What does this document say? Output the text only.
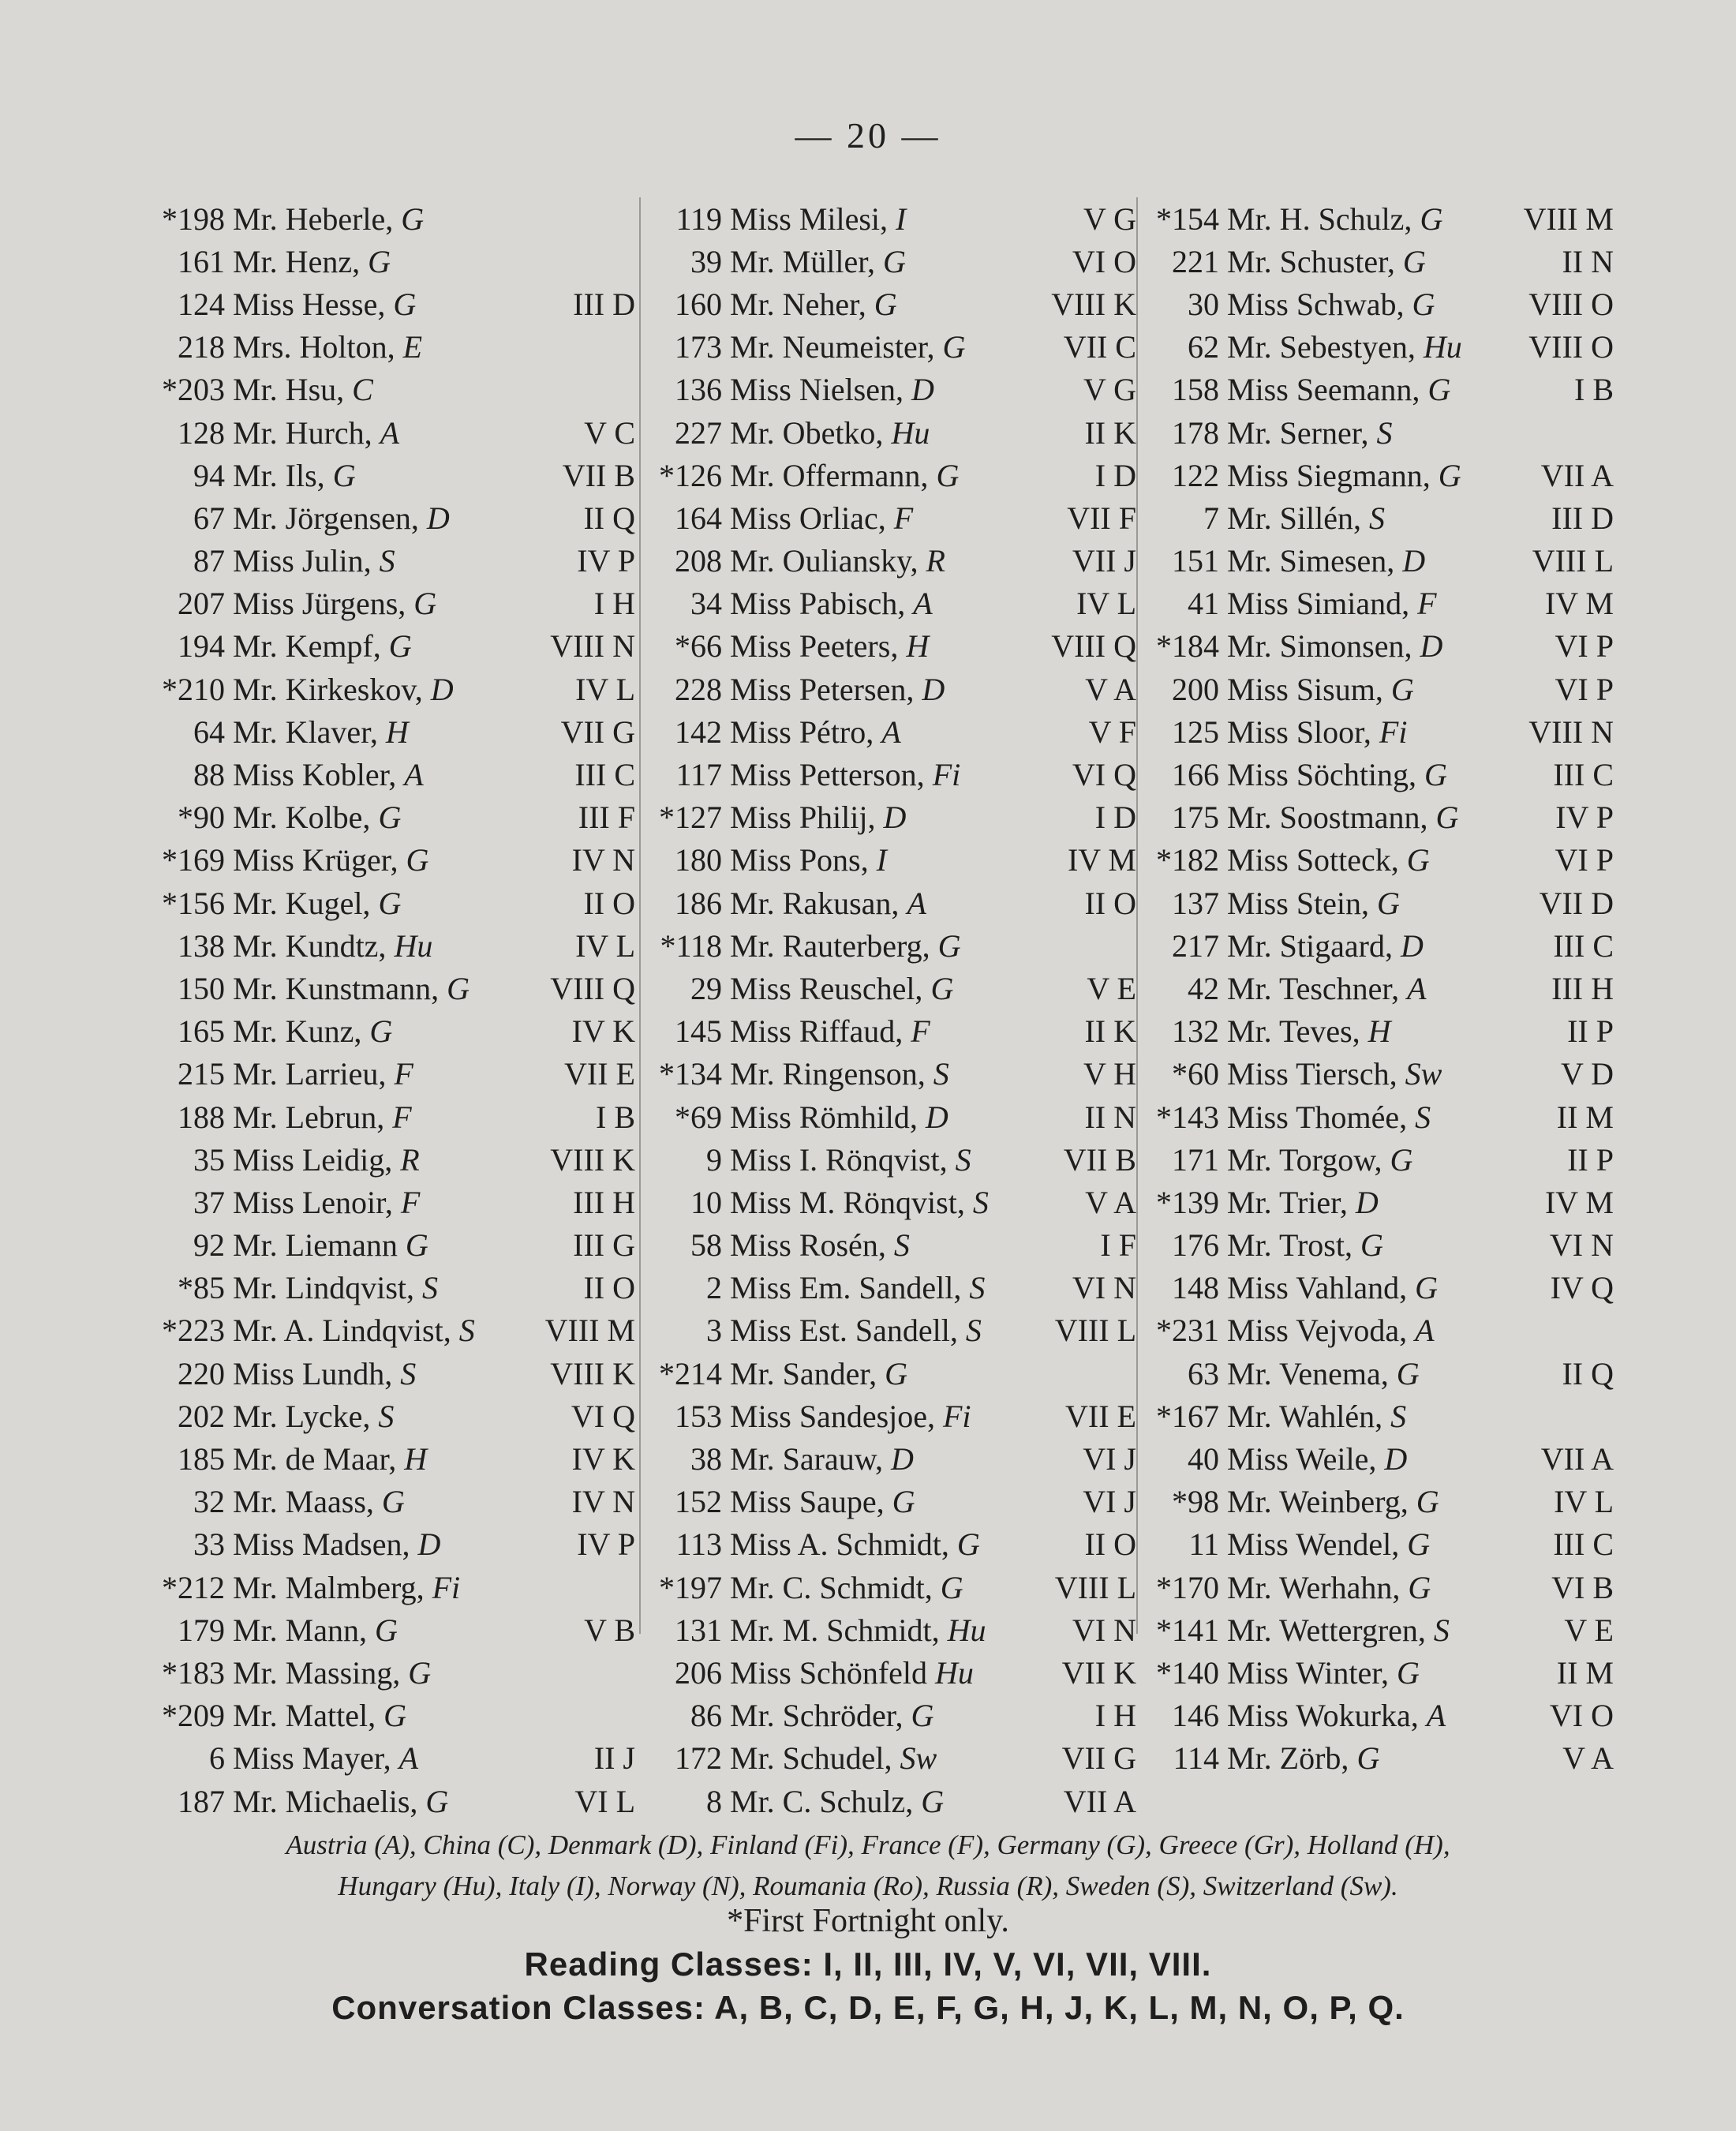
— 20 —
*198 Mr. Heberle, G
161 Mr. Henz, G
124 Miss Hesse, G	III D
218 Mrs. Holton, E
*203 Mr. Hsu, C
128 Mr. Hurch, A	V C
94 Mr. Ils, G	VII B
67 Mr. Jörgensen, D	II Q
87 Miss Julin, S	IV P
207 Miss Jürgens, G	I H
194 Mr. Kempf, G	VIII N
*210 Mr. Kirkeskov, D	IV L
64 Mr. Klaver, H	VII G
88 Miss Kobler, A	III C
*90 Mr. Kolbe, G	III F
*169 Miss Krüger, G	IV N
*156 Mr. Kugel, G	II O
138 Mr. Kundtz, Hu	IV L
150 Mr. Kunstmann, G	VIII Q
165 Mr. Kunz, G	IV K
215 Mr. Larrieu, F	VII E
188 Mr. Lebrun, F	I B
35 Miss Leidig, R	VIII K
37 Miss Lenoir, F	III H
92 Mr. Liemann G	III G
*85 Mr. Lindqvist, S	II O
*223 Mr. A. Lindqvist, S	VIII M
220 Miss Lundh, S	VIII K
202 Mr. Lycke, S	VI Q
185 Mr. de Maar, H	IV K
32 Mr. Maass, G	IV N
33 Miss Madsen, D	IV P
*212 Mr. Malmberg, Fi
179 Mr. Mann, G	V B
*183 Mr. Massing, G
*209 Mr. Mattel, G
6 Miss Mayer, A	II J
187 Mr. Michaelis, G	VI L
119 Miss Milesi, I	V G
39 Mr. Müller, G	VI O
160 Mr. Neher, G	VIII K
173 Mr. Neumeister, G	VII C
136 Miss Nielsen, D	V G
227 Mr. Obetko, Hu	II K
*126 Mr. Offermann, G	I D
164 Miss Orliac, F	VII F
208 Mr. Ouliansky, R	VII J
34 Miss Pabisch, A	IV L
*66 Miss Peeters, H	VIII Q
228 Miss Petersen, D	V A
142 Miss Pétro, A	V F
117 Miss Petterson, Fi	VI Q
*127 Miss Philij, D	I D
180 Miss Pons, I	IV M
186 Mr. Rakusan, A	II O
*118 Mr. Rauterberg, G
29 Miss Reuschel, G	V E
145 Miss Riffaud, F	II K
*134 Mr. Ringenson, S	V H
*69 Miss Römhild, D	II N
9 Miss I. Rönqvist, S	VII B
10 Miss M. Rönqvist, S	V A
58 Miss Rosén, S	I F
2 Miss Em. Sandell, S	VI N
3 Miss Est. Sandell, S	VIII L
*214 Mr. Sander, G
153 Miss Sandesjoe, Fi	VII E
38 Mr. Sarauw, D	VI J
152 Miss Saupe, G	VI J
113 Miss A. Schmidt, G	II O
*197 Mr. C. Schmidt, G	VIII L
131 Mr. M. Schmidt, Hu	VI N
206 Miss Schönfeld Hu	VII K
86 Mr. Schröder, G	I H
172 Mr. Schudel, Sw	VII G
8 Mr. C. Schulz, G	VII A
*154 Mr. H. Schulz, G	VIII M
221 Mr. Schuster, G	II N
30 Miss Schwab, G	VIII O
62 Mr. Sebestyen, Hu	VIII O
158 Miss Seemann, G	I B
178 Mr. Serner, S
122 Miss Siegmann, G	VII A
7 Mr. Sillén, S	III D
151 Mr. Simesen, D	VIII L
41 Miss Simiand, F	IV M
*184 Mr. Simonsen, D	VI P
200 Miss Sisum, G	VI P
125 Miss Sloor, Fi	VIII N
166 Miss Söchting, G	III C
175 Mr. Soostmann, G	IV P
*182 Miss Sotteck, G	VI P
137 Miss Stein, G	VII D
217 Mr. Stigaard, D	III C
42 Mr. Teschner, A	III H
132 Mr. Teves, H	II P
*60 Miss Tiersch, Sw	V D
*143 Miss Thomée, S	II M
171 Mr. Torgow, G	II P
*139 Mr. Trier, D	IV M
176 Mr. Trost, G	VI N
148 Miss Vahland, G	IV Q
*231 Miss Vejvoda, A
63 Mr. Venema, G	II Q
*167 Mr. Wahlén, S
40 Miss Weile, D	VII A
*98 Mr. Weinberg, G	IV L
11 Miss Wendel, G	III C
*170 Mr. Werhahn, G	VI B
*141 Mr. Wettergren, S	V E
*140 Miss Winter, G	II M
146 Miss Wokurka, A	VI O
114 Mr. Zörb, G	V A
Austria (A), China (C), Denmark (D), Finland (Fi), France (F), Germany (G), Greece (Gr), Holland (H),
Hungary (Hu), Italy (I), Norway (N), Roumania (Ro), Russia (R), Sweden (S), Switzerland (Sw).
*First Fortnight only.
Reading Classes: I, II, III, IV, V, VI, VII, VIII.
Conversation Classes: A, B, C, D, E, F, G, H, J, K, L, M, N, O, P, Q.
